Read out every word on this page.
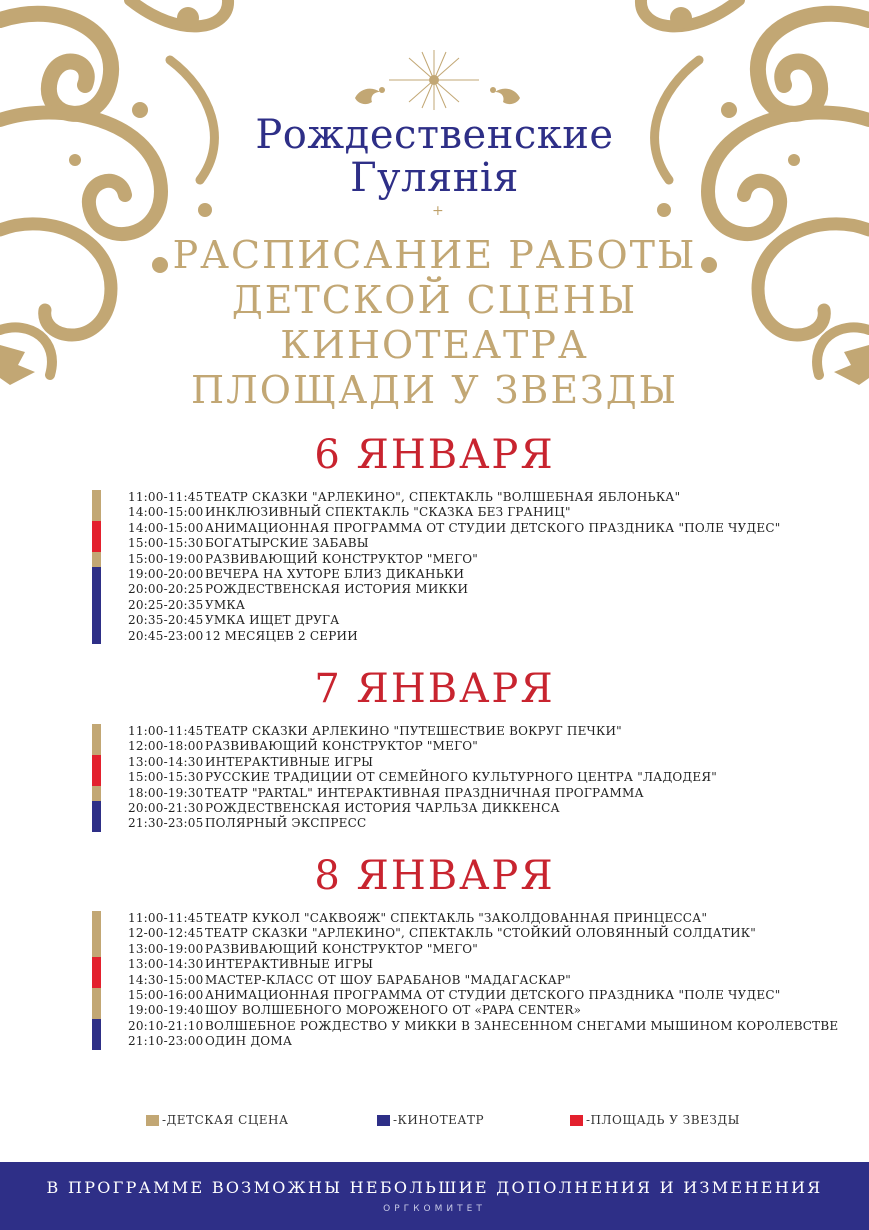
Рождественские
Гулянія
+
РАСПИСАНИЕ РАБОТЫ
ДЕТСКОЙ СЦЕНЫ
КИНОТЕАТРА
ПЛОЩАДИ У ЗВЕЗДЫ
6 ЯНВАРЯ
11:00-11:45 ТЕАТР СКАЗКИ "АРЛЕКИНО", СПЕКТАКЛЬ "ВОЛШЕБНАЯ ЯБЛОНЬКА"
14:00-15:00 ИНКЛЮЗИВНЫЙ СПЕКТАКЛЬ "СКАЗКА БЕЗ ГРАНИЦ"
14:00-15:00 АНИМАЦИОННАЯ ПРОГРАММА ОТ СТУДИИ ДЕТСКОГО ПРАЗДНИКА "ПОЛЕ ЧУДЕС"
15:00-15:30 БОГАТЫРСКИЕ ЗАБАВЫ
15:00-19:00 РАЗВИВАЮЩИЙ КОНСТРУКТОР "МЕГО"
19:00-20:00 ВЕЧЕРА НА ХУТОРЕ БЛИЗ ДИКАНЬКИ
20:00-20:25 РОЖДЕСТВЕНСКАЯ ИСТОРИЯ МИККИ
20:25-20:35 УМКА
20:35-20:45 УМКА ИЩЕТ ДРУГА
20:45-23:00 12 МЕСЯЦЕВ 2 СЕРИИ
7 ЯНВАРЯ
11:00-11:45 ТЕАТР СКАЗКИ АРЛЕКИНО "ПУТЕШЕСТВИЕ ВОКРУГ ПЕЧКИ"
12:00-18:00 РАЗВИВАЮЩИЙ КОНСТРУКТОР "МЕГО"
13:00-14:30 ИНТЕРАКТИВНЫЕ ИГРЫ
15:00-15:30 РУССКИЕ ТРАДИЦИИ ОТ СЕМЕЙНОГО КУЛЬТУРНОГО ЦЕНТРА "ЛАДОДЕЯ"
18:00-19:30 ТЕАТР "PARTAL" ИНТЕРАКТИВНАЯ ПРАЗДНИЧНАЯ ПРОГРАММА
20:00-21:30 РОЖДЕСТВЕНСКАЯ ИСТОРИЯ ЧАРЛЬЗА ДИККЕНСА
21:30-23:05 ПОЛЯРНЫЙ ЭКСПРЕСС
8 ЯНВАРЯ
11:00-11:45 ТЕАТР КУКОЛ "САКВОЯЖ" СПЕКТАКЛЬ "ЗАКОЛДОВАННАЯ ПРИНЦЕССА"
12-00-12:45 ТЕАТР СКАЗКИ "АРЛЕКИНО", СПЕКТАКЛЬ "СТОЙКИЙ ОЛОВЯННЫЙ СОЛДАТИК"
13:00-19:00 РАЗВИВАЮЩИЙ КОНСТРУКТОР "МЕГО"
13:00-14:30 ИНТЕРАКТИВНЫЕ ИГРЫ
14:30-15:00 МАСТЕР-КЛАСС ОТ ШОУ БАРАБАНОВ "МАДАГАСКАР"
15:00-16:00 АНИМАЦИОННАЯ ПРОГРАММА ОТ СТУДИИ ДЕТСКОГО ПРАЗДНИКА "ПОЛЕ ЧУДЕС"
19:00-19:40 ШОУ ВОЛШЕБНОГО МОРОЖЕНОГО ОТ «PAPA CENTER»
20:10-21:10 ВОЛШЕБНОЕ РОЖДЕСТВО У МИККИ В ЗАНЕСЕННОМ СНЕГАМИ МЫШИНОМ КОРОЛЕВСТВЕ
21:10-23:00 ОДИН ДОМА
-ДЕТСКАЯ СЦЕНА	-КИНОТЕАТР	-ПЛОЩАДЬ У ЗВЕЗДЫ
В ПРОГРАММЕ ВОЗМОЖНЫ НЕБОЛЬШИЕ ДОПОЛНЕНИЯ И ИЗМЕНЕНИЯ
ОРГКОМИТЕТ
